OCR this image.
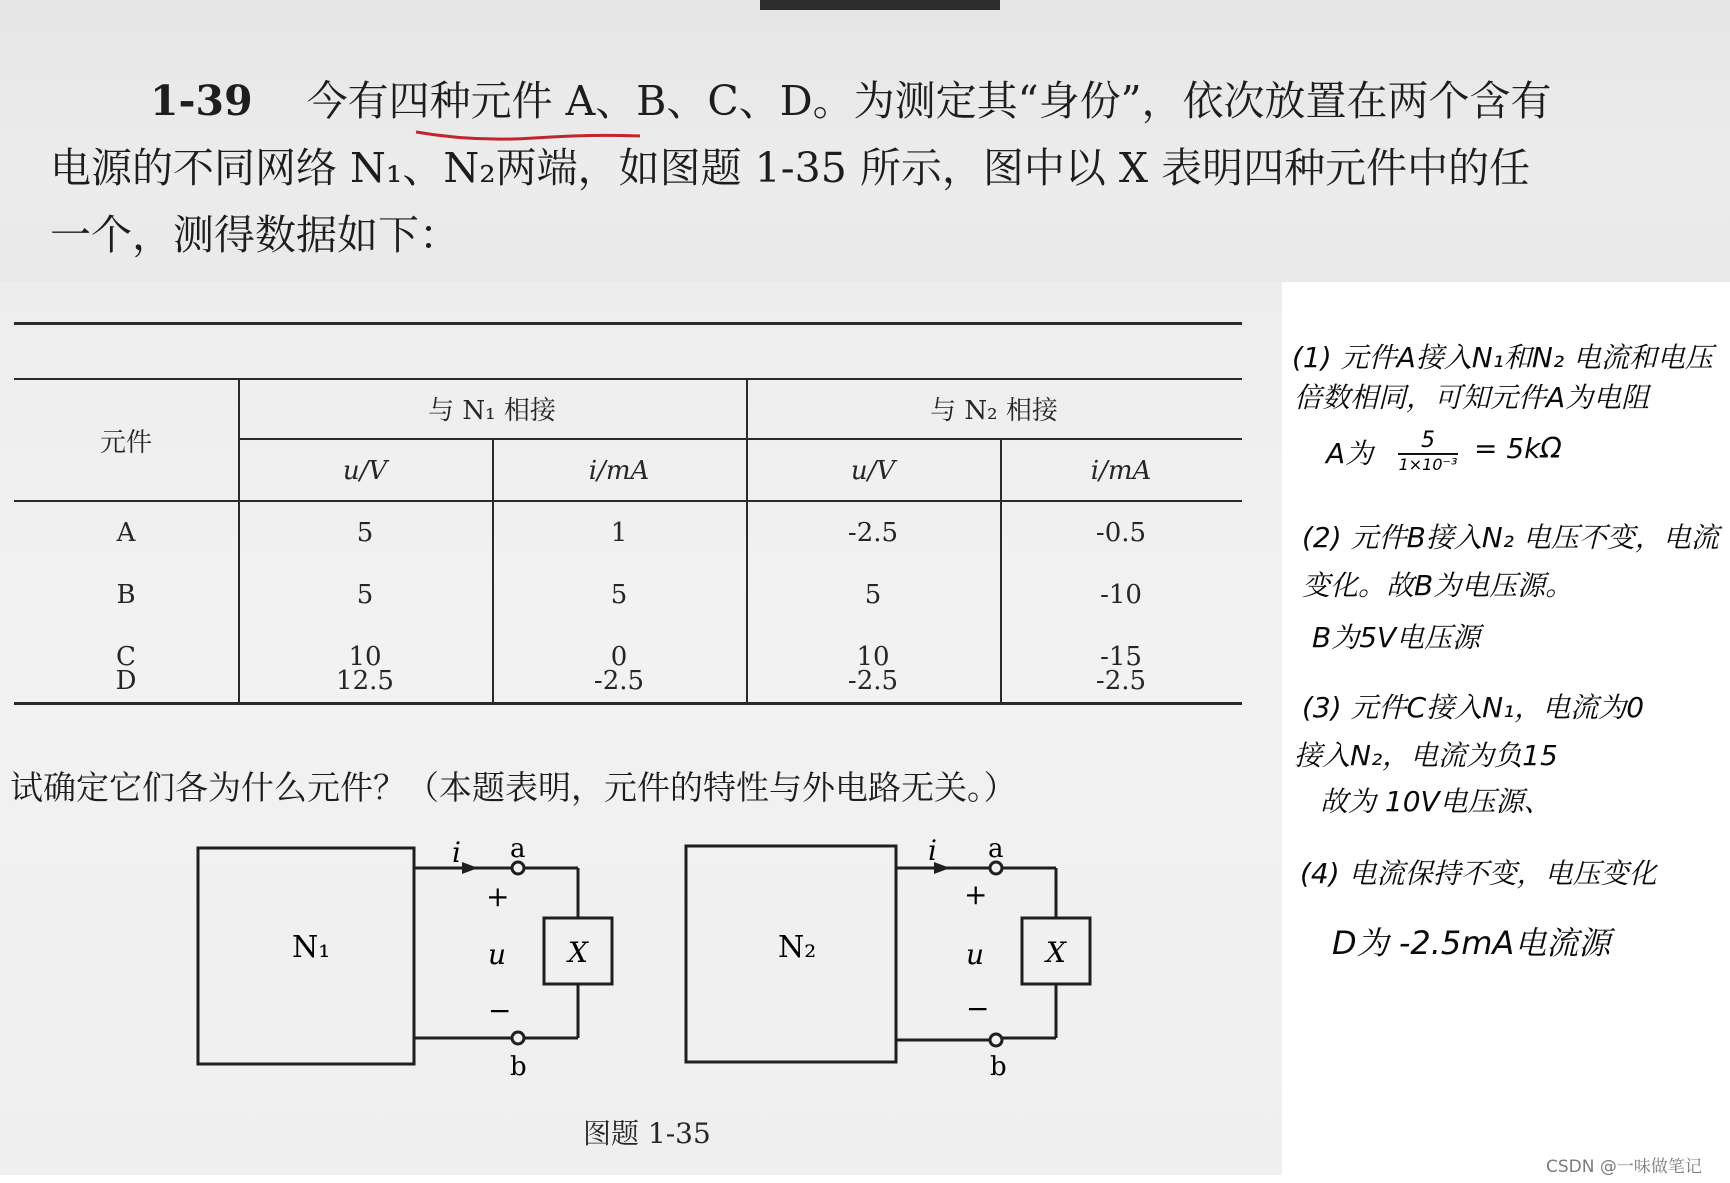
1-39 今有四种元件 A、B、C、D。为测定其“身份”，依次放置在两个含有
电源的不同网络 N₁、N₂两端，如图题 1-35 所示，图中以 X 表明四种元件中的任
一个，测得数据如下：
元件
与 N₁ 相接	与 N₂ 相接
u/V	i/mA	u/V	i/mA
A	5	1	-2.5	-0.5
B	5	5	5	-10
C	10	0	10	-15
D	12.5	-2.5	-2.5	-2.5
试确定它们各为什么元件？（本题表明，元件的特性与外电路无关。）
N₁	N₂
i	i
a	a
b	b
+	+
u	u
−	−
X	X
图题 1-35
(1) 元件A接入N₁和N₂ 电流和电压
倍数相同，可知元件A为电阻
A为	5
1×10⁻³ = 5kΩ
(2) 元件B接入N₂ 电压不变，电流
变化。故B为电压源。
B为5V电压源
(3) 元件C接入N₁，电流为0
接入N₂，电流为负15
故为 10V电压源、
(4) 电流保持不变，电压变化
D为 -2.5mA电流源
CSDN @一味做笔记
